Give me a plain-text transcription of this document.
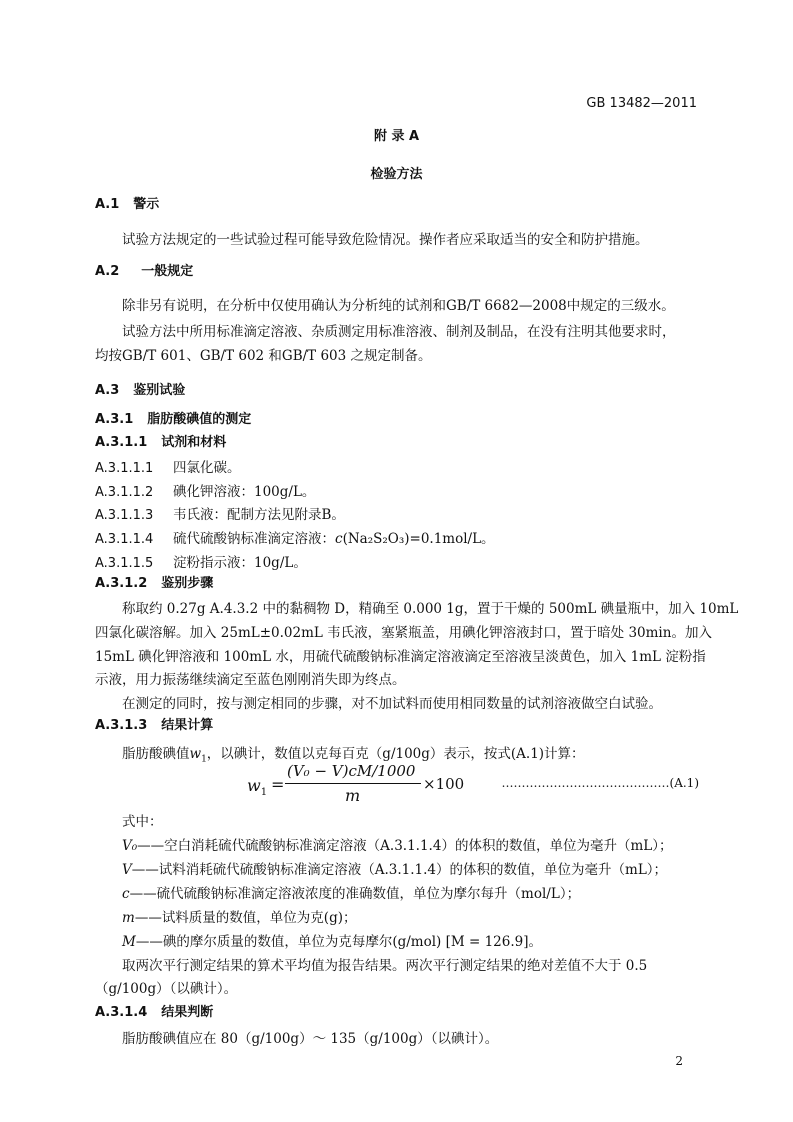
GB 13482—2011
附 录 A
检验方法
A.1 警示
试验方法规定的一些试验过程可能导致危险情况。操作者应采取适当的安全和防护措施。
A.2 一般规定
除非另有说明，在分析中仅使用确认为分析纯的试剂和GB/T 6682—2008中规定的三级水。
试验方法中所用标准滴定溶液、杂质测定用标准溶液、制剂及制品，在没有注明其他要求时，
均按GB/T 601、GB/T 602 和GB/T 603 之规定制备。
A.3 鉴别试验
A.3.1 脂肪酸碘值的测定
A.3.1.1 试剂和材料
A.3.1.1.1 四氯化碳。
A.3.1.1.2 碘化钾溶液：100g/L。
A.3.1.1.3 韦氏液：配制方法见附录B。
A.3.1.1.4 硫代硫酸钠标准滴定溶液：c(Na₂S₂O₃)=0.1mol/L。
A.3.1.1.5 淀粉指示液：10g/L。
A.3.1.2 鉴别步骤
称取约 0.27g A.4.3.2 中的黏稠物 D，精确至 0.000 1g，置于干燥的 500mL 碘量瓶中，加入 10mL
四氯化碳溶解。加入 25mL±0.02mL 韦氏液，塞紧瓶盖，用碘化钾溶液封口，置于暗处 30min。加入
15mL 碘化钾溶液和 100mL 水，用硫代硫酸钠标准滴定溶液滴定至溶液呈淡黄色，加入 1mL 淀粉指
示液，用力振荡继续滴定至蓝色刚刚消失即为终点。
在测定的同时，按与测定相同的步骤，对不加试料而使用相同数量的试剂溶液做空白试验。
A.3.1.3 结果计算
脂肪酸碘值$w_1$，以碘计，数值以克每百克（g/100g）表示，按式(A.1)计算：
$w_1$ =
(V₀ − V)cM/1000
m
×100	……………………………………(A.1)
式中：
V₀——空白消耗硫代硫酸钠标准滴定溶液（A.3.1.1.4）的体积的数值，单位为毫升（mL）；
V——试料消耗硫代硫酸钠标准滴定溶液（A.3.1.1.4）的体积的数值，单位为毫升（mL）；
c——硫代硫酸钠标准滴定溶液浓度的准确数值，单位为摩尔每升（mol/L）；
m——试料质量的数值，单位为克(g)；
M——碘的摩尔质量的数值，单位为克每摩尔(g/mol) [M = 126.9]。
取两次平行测定结果的算术平均值为报告结果。两次平行测定结果的绝对差值不大于 0.5
（g/100g）（以碘计）。
A.3.1.4 结果判断
脂肪酸碘值应在 80（g/100g）～ 135（g/100g）（以碘计）。
2
